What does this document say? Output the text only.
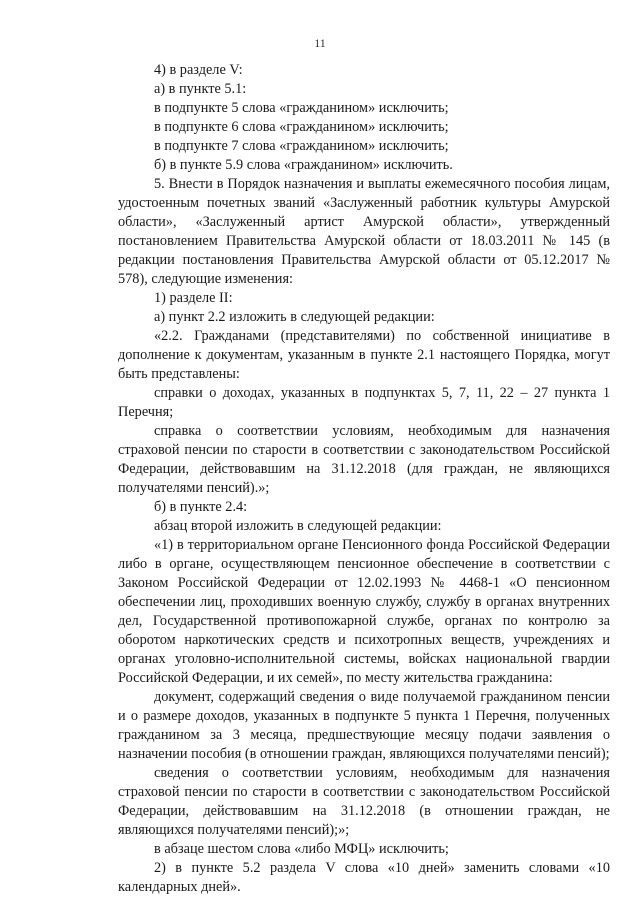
11

4) в разделе V:

а) в пункте 5.1:

в подпункте 5 слова «гражданином» исключить;

в подпункте 6 слова «гражданином» исключить;

в подпункте 7 слова «гражданином» исключить;

б) в пункте 5.9 слова «гражданином» исключить.

5. Внести в Порядок назначения и выплаты ежемесячного пособия лицам, удостоенным почетных званий «Заслуженный работник культуры Амурской области», «Заслуженный артист Амурской области», утвержденный постановлением Правительства Амурской области от 18.03.2011 № 145 (в редакции постановления Правительства Амурской области от 05.12.2017 № 578), следующие изменения:

1) разделе II:

а) пункт 2.2 изложить в следующей редакции:

«2.2. Гражданами (представителями) по собственной инициативе в дополнение к документам, указанным в пункте 2.1 настоящего Порядка, могут быть представлены:

справки о доходах, указанных в подпунктах 5, 7, 11, 22 – 27 пункта 1 Перечня;

справка о соответствии условиям, необходимым для назначения страховой пенсии по старости в соответствии с законодательством Российской Федерации, действовавшим на 31.12.2018 (для граждан, не являющихся получателями пенсий).»;

б) в пункте 2.4:

абзац второй изложить в следующей редакции:

«1) в территориальном органе Пенсионного фонда Российской Федерации либо в органе, осуществляющем пенсионное обеспечение в соответствии с Законом Российской Федерации от 12.02.1993 № 4468-1 «О пенсионном обеспечении лиц, проходивших военную службу, службу в органах внутренних дел, Государственной противопожарной службе, органах по контролю за оборотом наркотических средств и психотропных веществ, учреждениях и органах уголовно-исполнительной системы, войсках национальной гвардии Российской Федерации, и их семей», по месту жительства гражданина:

документ, содержащий сведения о виде получаемой гражданином пенсии и о размере доходов, указанных в подпункте 5 пункта 1 Перечня, полученных гражданином за 3 месяца, предшествующие месяцу подачи заявления о назначении пособия (в отношении граждан, являющихся получателями пенсий);

сведения о соответствии условиям, необходимым для назначения страховой пенсии по старости в соответствии с законодательством Российской Федерации, действовавшим на 31.12.2018 (в отношении граждан, не являющихся получателями пенсий);»;

в абзаце шестом слова «либо МФЦ» исключить;

2) в пункте 5.2 раздела V слова «10 дней» заменить словами «10 календарных дней».
